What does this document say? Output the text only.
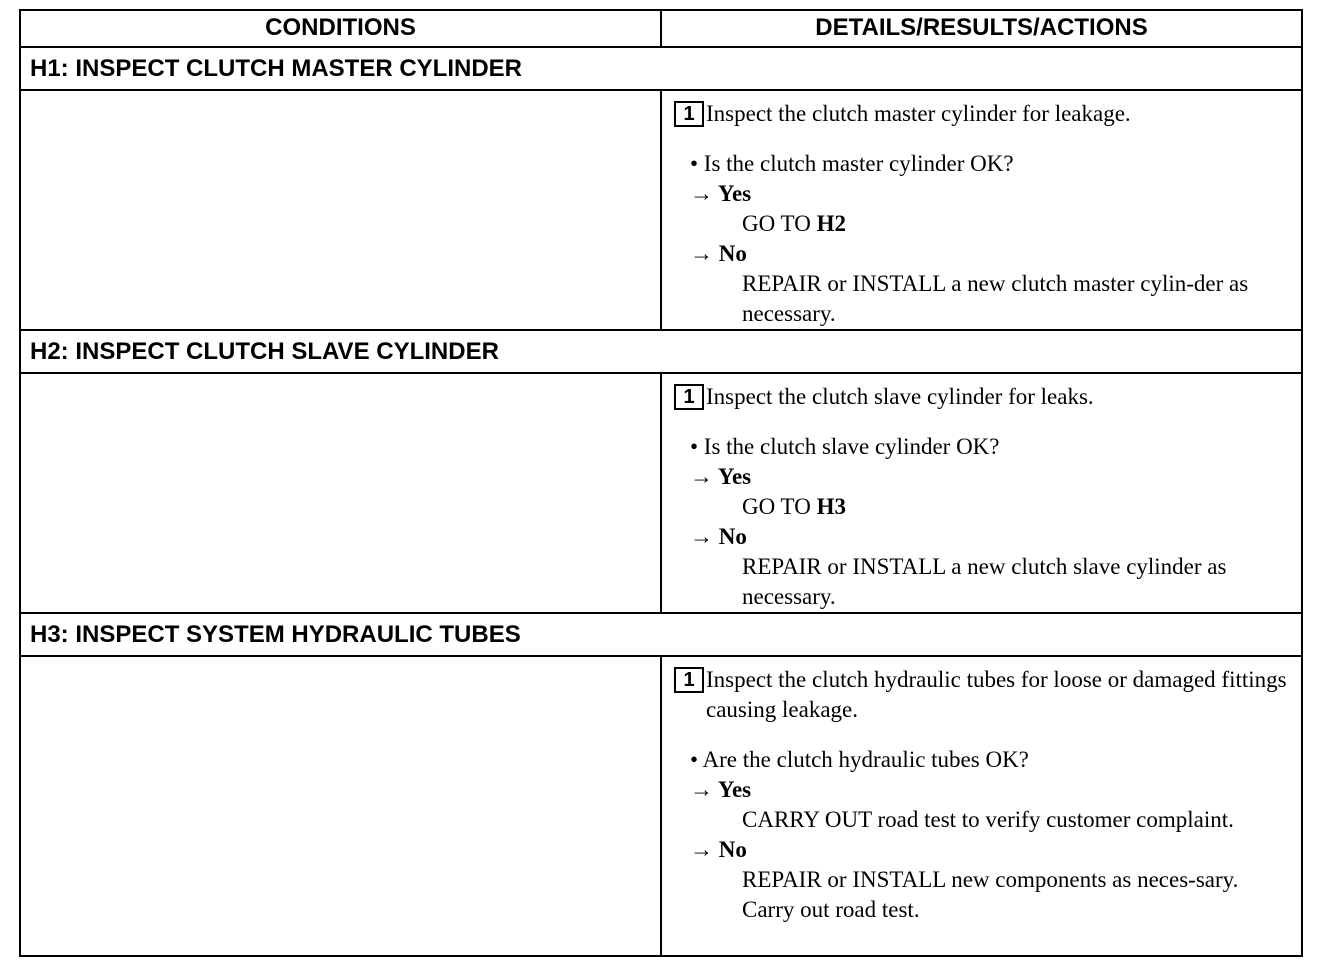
CONDITIONS	DETAILS/RESULTS/ACTIONS
H1: INSPECT CLUTCH MASTER CYLINDER
1 Inspect the clutch master cylinder for leakage.
• Is the clutch master cylinder OK?
→ Yes
GO TO H2
→ No
REPAIR or INSTALL a new clutch master cylin-der as necessary.
H2: INSPECT CLUTCH SLAVE CYLINDER
1 Inspect the clutch slave cylinder for leaks.
• Is the clutch slave cylinder OK?
→ Yes
GO TO H3
→ No
REPAIR or INSTALL a new clutch slave cylinder as necessary.
H3: INSPECT SYSTEM HYDRAULIC TUBES
1 Inspect the clutch hydraulic tubes for loose or damaged fittings causing leakage.
• Are the clutch hydraulic tubes OK?
→ Yes
CARRY OUT road test to verify customer complaint.
→ No
REPAIR or INSTALL new components as neces-sary. Carry out road test.
